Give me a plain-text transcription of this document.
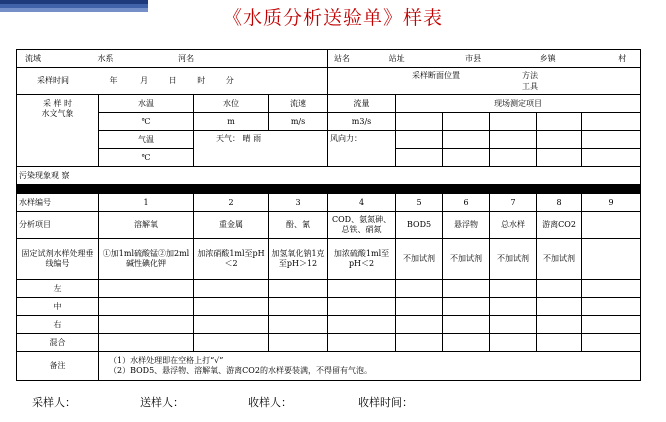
《水质分析送验单》样表
流域 水系 河名				站名 站址 市县 乡镇 村					
采样时间 年 月 日 时 分				采样断面位置 方法
工具					

采 样 时
水文气象	水温	水位	流速	流量	现场测定项目				
	℃	m	m/s	m3/s					
	气温	天气： 晴 雨		风向力：					
	℃								
污染现象观 察									

水样编号	1	2	3	4	5	6	7	8	9
分析项目	溶解氧	重金属	酚、氰	COD、氨氮砷、总铁、硝氮	BOD5	悬浮物	总水样	游离CO2	
固定试剂水样处理垂线编号	①加1ml硫酸锰②加2ml碱性碘化钾	加浓硝酸1ml至pH＜2	加氢氧化钠1克至pH＞12	加浓硫酸1ml至pH＜2	不加试剂	不加试剂	不加试剂	不加试剂	
左									
中									
右									
混合									
备注	（1）水样处理即在空格上打“√”
（2）BOD5、悬浮物、溶解氧、游离CO2的水样要装满，不得留有气泡。								
采样人：	送样人：	收样人：	收样时间：
